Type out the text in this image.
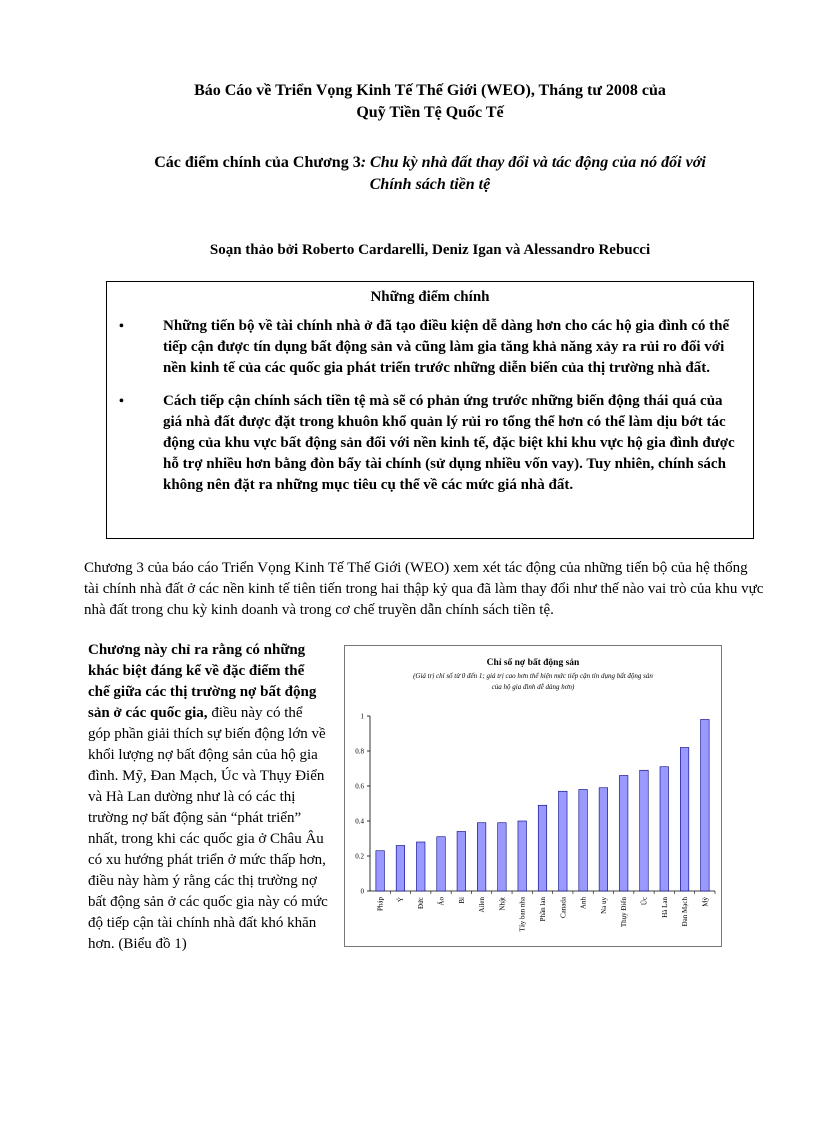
Báo Cáo về Triển Vọng Kinh Tế Thế Giới (WEO), Tháng tư 2008 của
Quỹ Tiền Tệ Quốc Tế
Các điểm chính của Chương 3: Chu kỳ nhà đất thay đổi và tác động của nó đối với
Chính sách tiền tệ
Soạn thảo bởi Roberto Cardarelli, Deniz Igan và Alessandro Rebucci
Những điểm chính
•	Những tiến bộ về tài chính nhà ở đã tạo điều kiện dễ dàng hơn cho các hộ gia đình có thể tiếp cận được tín dụng bất động sản và cũng làm gia tăng khả năng xảy ra rủi ro đối với nền kinh tế của các quốc gia phát triển trước những diễn biến của thị trường nhà đất.
•	Cách tiếp cận chính sách tiền tệ mà sẽ có phản ứng trước những biến động thái quá của giá nhà đất được đặt trong khuôn khổ quản lý rủi ro tổng thể hơn có thể làm dịu bớt tác động của khu vực bất động sản đối với nền kinh tế, đặc biệt khi khu vực hộ gia đình được hỗ trợ nhiều hơn bằng đòn bẩy tài chính (sử dụng nhiều vốn vay). Tuy nhiên, chính sách không nên đặt ra những mục tiêu cụ thể về các mức giá nhà đất.
Chương 3 của báo cáo Triển Vọng Kinh Tế Thế Giới (WEO) xem xét tác động của những tiến bộ của hệ thống tài chính nhà đất ở các nền kinh tế tiên tiến trong hai thập kỷ qua đã làm thay đổi như thế nào vai trò của khu vực nhà đất trong chu kỳ kinh doanh và trong cơ chế truyền dẫn chính sách tiền tệ.
Chương này chỉ ra rằng có những khác biệt đáng kể về đặc điểm thể chế giữa các thị trường nợ bất động sản ở các quốc gia, điều này có thể góp phần giải thích sự biến động lớn về khối lượng nợ bất động sản của hộ gia đình. Mỹ, Đan Mạch, Úc và Thụy Điển và Hà Lan dường như là có các thị trường nợ bất động sản “phát triển” nhất, trong khi các quốc gia ở Châu Âu có xu hướng phát triển ở mức thấp hơn, điều này hàm ý rằng các thị trường nợ bất động sản ở các quốc gia này có mức độ tiếp cận tài chính nhà đất khó khăn hơn. (Biểu đồ 1)
Chỉ số nợ bất động sản
(Giá trị chỉ số từ 0 đến 1; giá trị cao hơn thể hiện mức tiếp cận tín dụng bất động sản
của hộ gia đình dễ dàng hơn)
0
0.2
0.4
0.6
0.8
1
Pháp Ý Đức Áo Bỉ Ailen Nhật Tây ban nha Phần lan Canada Anh Na uy Thụy Điển Úc Hà Lan Đan Mạch Mỹ
